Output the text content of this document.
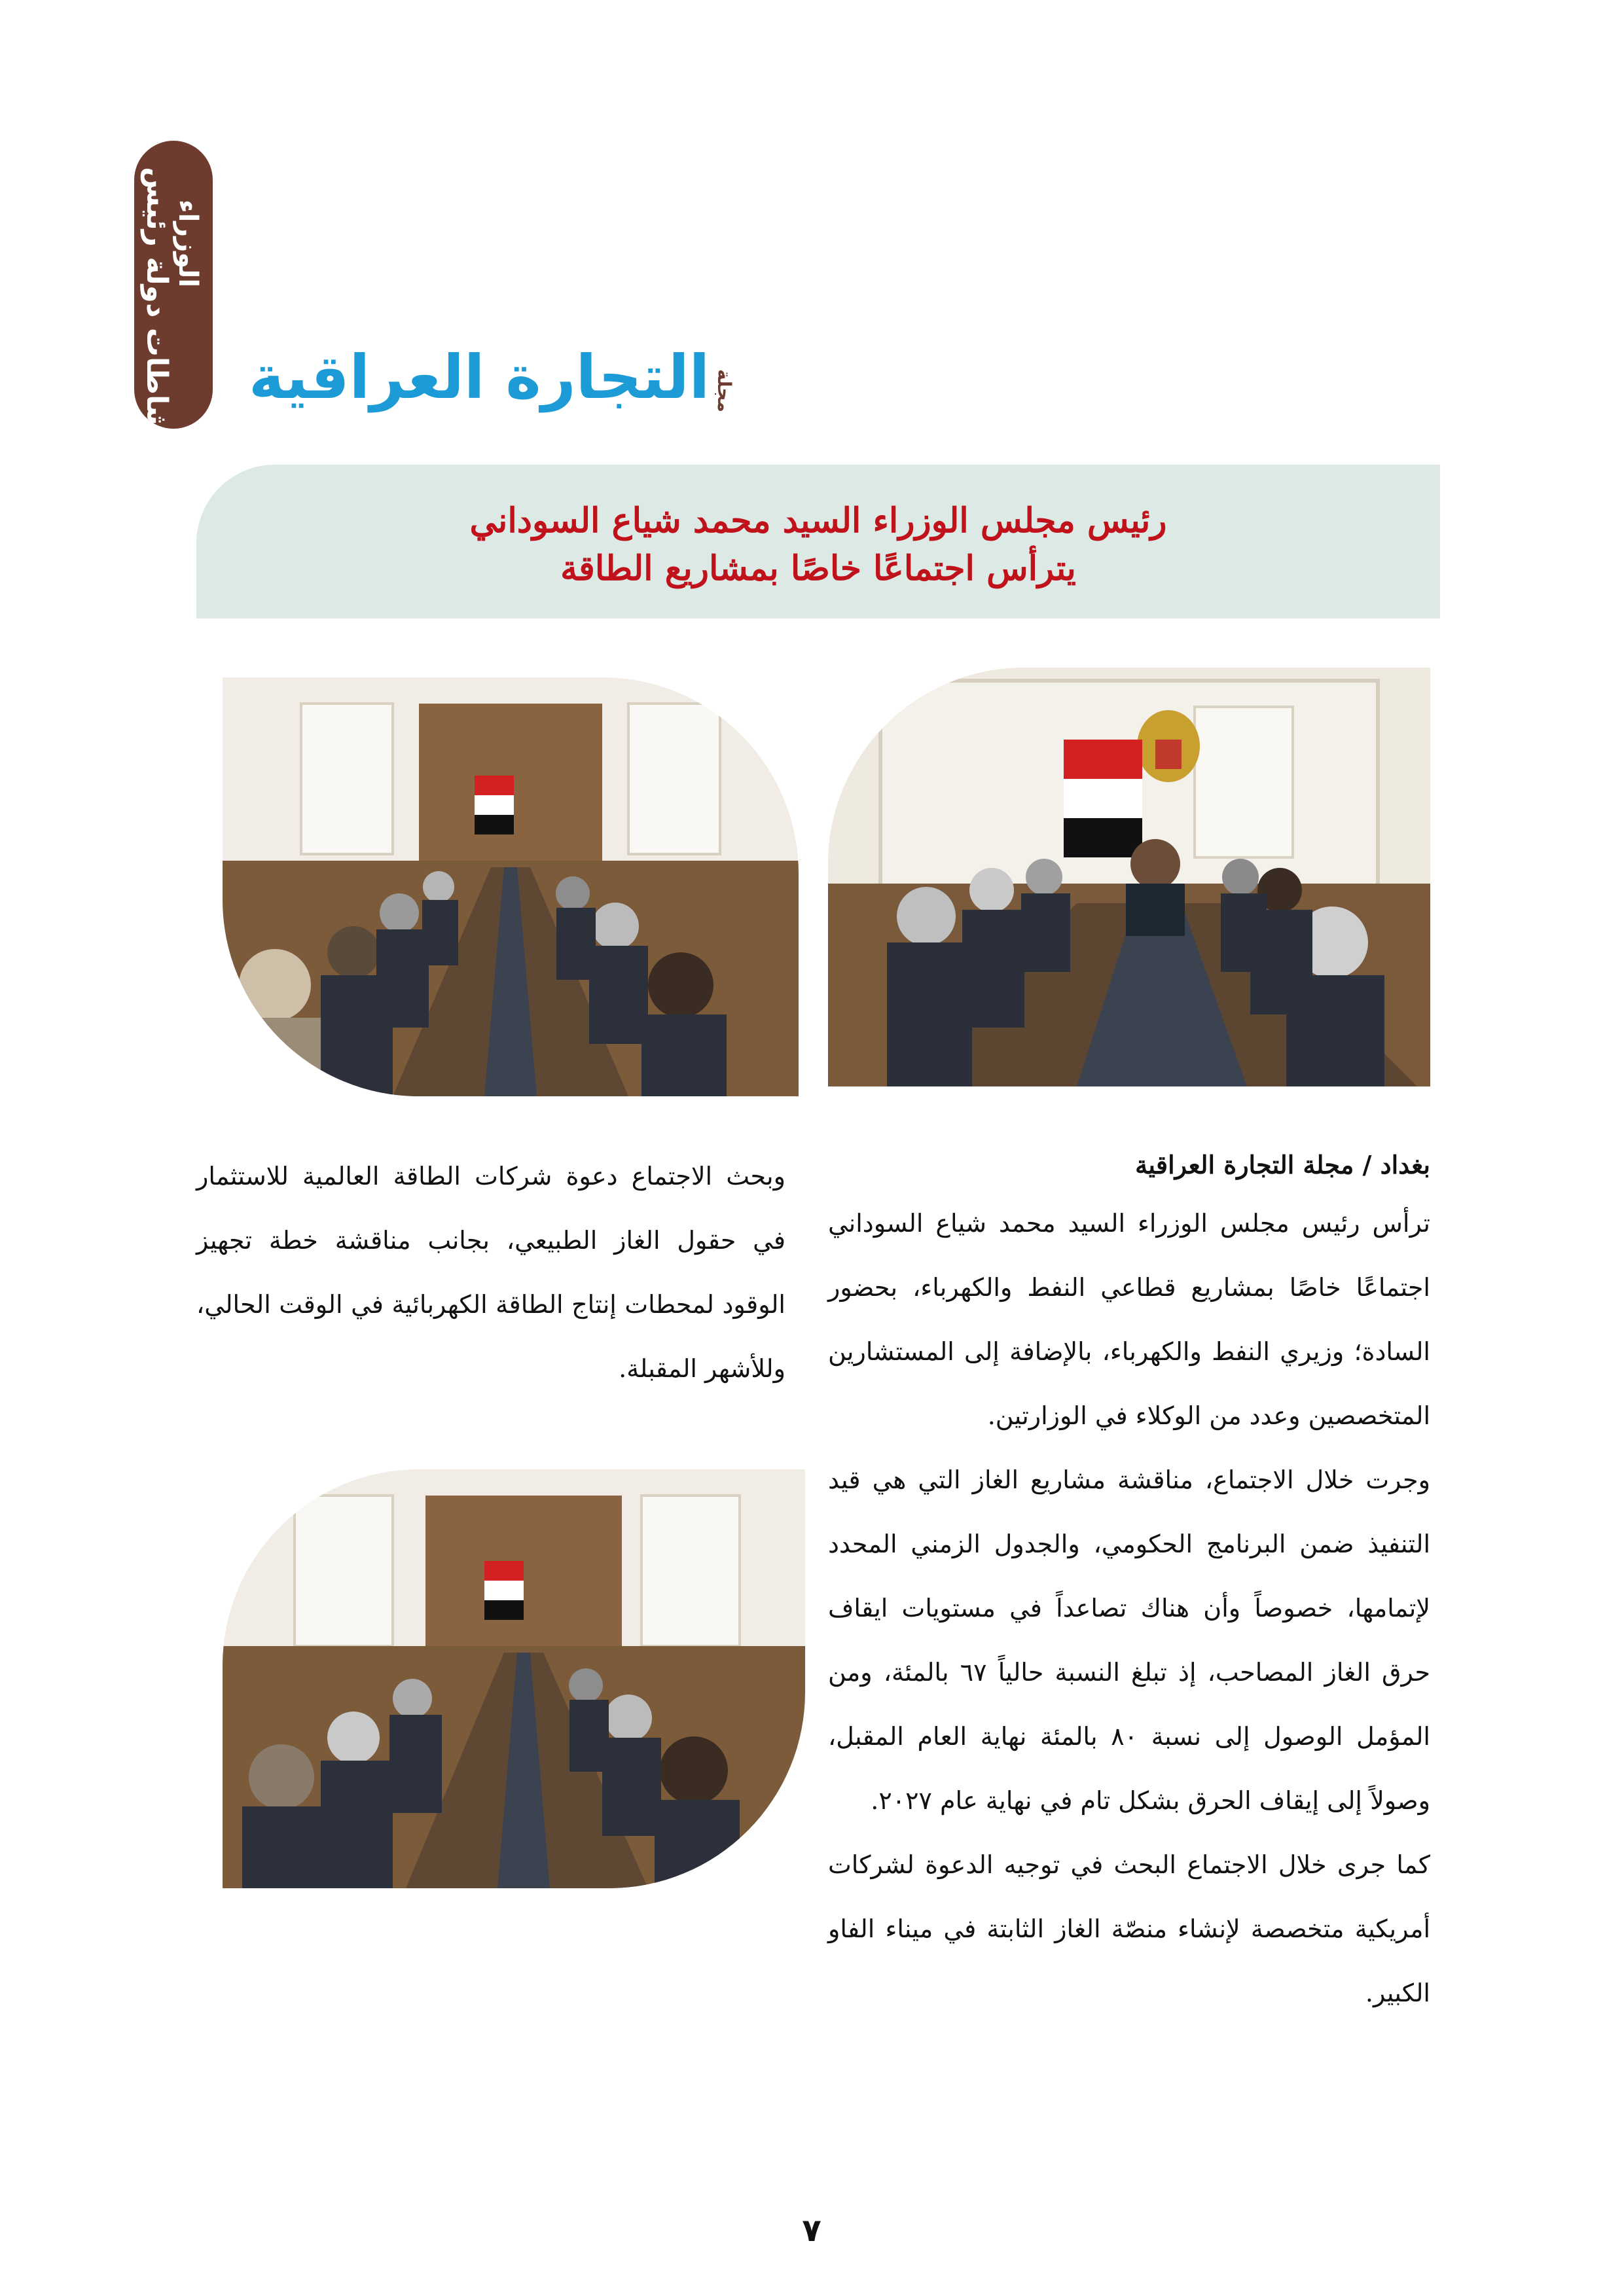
نشاطات دولة رئيس الوزراء
مجلة
التجارة العراقية
رئيس مجلس الوزراء السيد محمد شياع السوداني
يترأس اجتماعًا خاصًا بمشاريع الطاقة

بغداد / مجلة التجارة العراقية

ترأس رئيس مجلس الوزراء السيد محمد شياع السوداني اجتماعًا خاصًا بمشاريع قطاعي النفط والكهرباء، بحضور السادة؛ وزيري النفط والكهرباء، بالإضافة إلى المستشارين المتخصصين وعدد من الوكلاء في الوزارتين.

وجرت خلال الاجتماع، مناقشة مشاريع الغاز التي هي قيد التنفيذ ضمن البرنامج الحكومي، والجدول الزمني المحدد لإتمامها، خصوصاً وأن هناك تصاعداً في مستويات ايقاف حرق الغاز المصاحب، إذ تبلغ النسبة حالياً ٦٧ بالمئة، ومن المؤمل الوصول إلى نسبة ٨٠ بالمئة نهاية العام المقبل، وصولاً إلى إيقاف الحرق بشكل تام في نهاية عام ٢٠٢٧.

كما جرى خلال الاجتماع البحث في توجيه الدعوة لشركات أمريكية متخصصة لإنشاء منصّة الغاز الثابتة في ميناء الفاو الكبير.

وبحث الاجتماع دعوة شركات الطاقة العالمية للاستثمار في حقول الغاز الطبيعي، بجانب مناقشة خطة تجهيز الوقود لمحطات إنتاج الطاقة الكهربائية في الوقت الحالي، وللأشهر المقبلة.

٧
